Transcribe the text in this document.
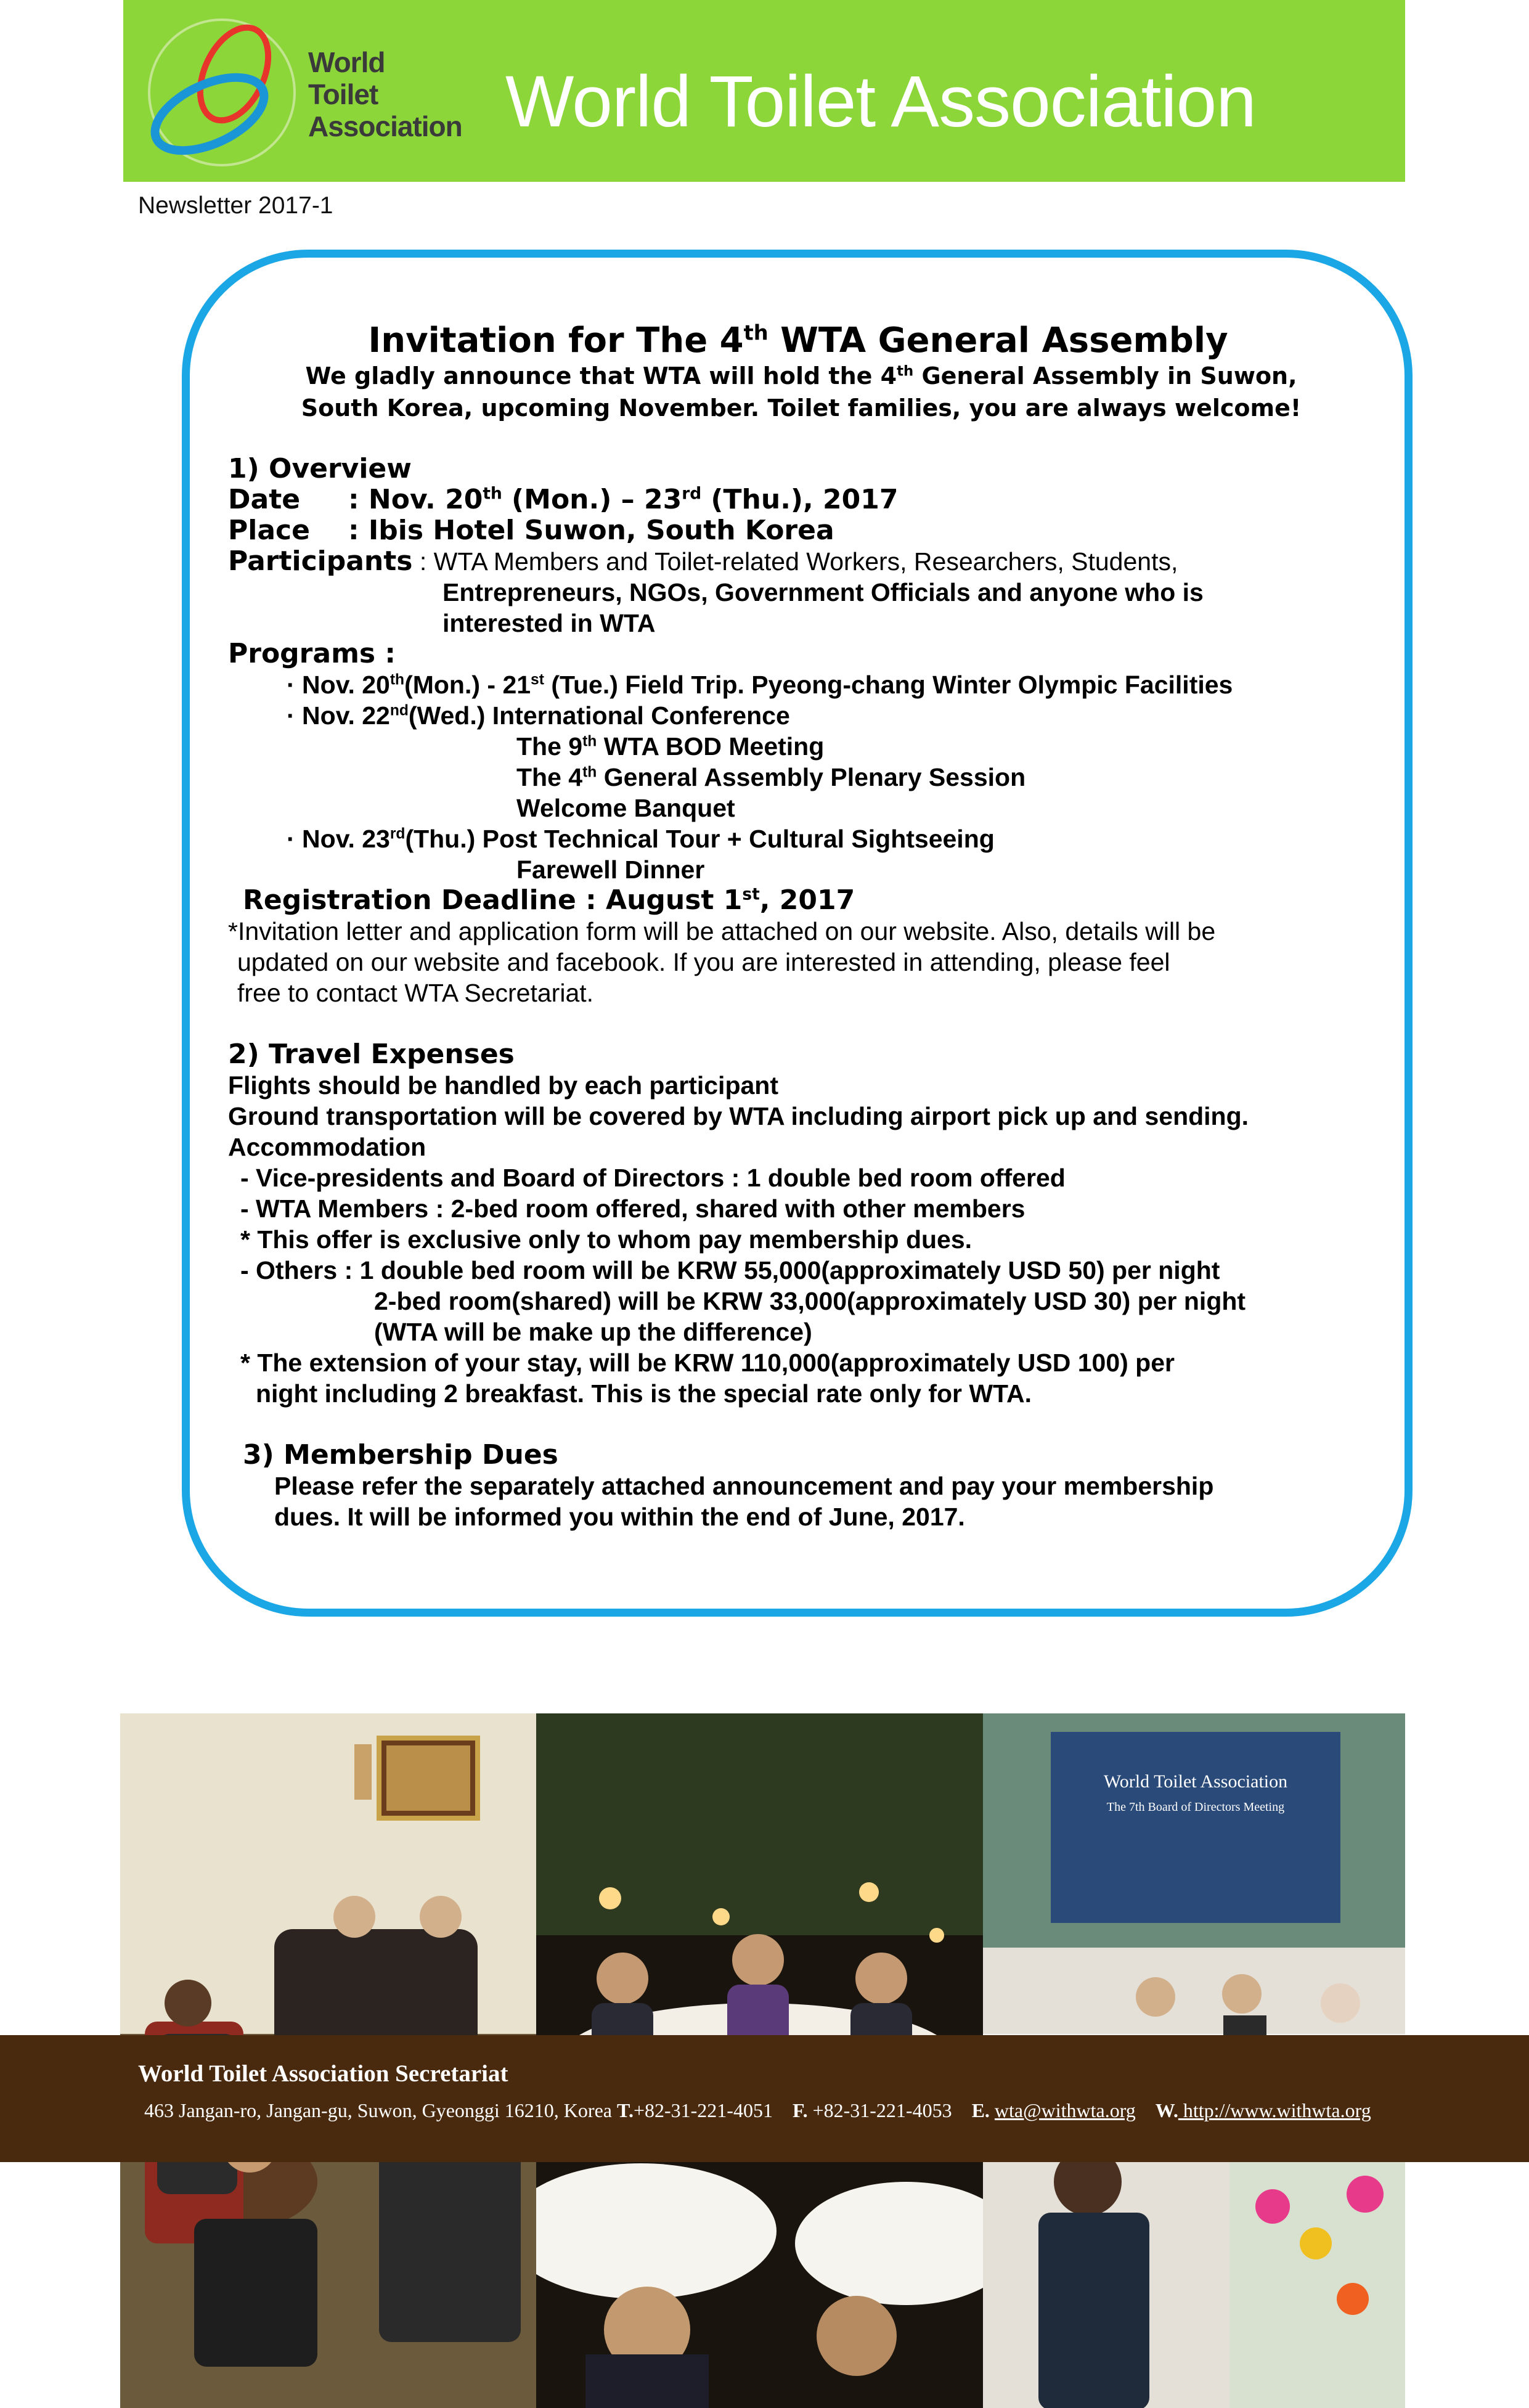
World
Toilet
Association World Toilet Association
Newsletter 2017-1
Invitation for The 4th WTA General Assembly
We gladly announce that WTA will hold the 4th General Assembly in Suwon,
South Korea, upcoming November. Toilet families, you are always welcome!
1) Overview
Date : Nov. 20th (Mon.) – 23rd (Thu.), 2017
Place : Ibis Hotel Suwon, South Korea
Participants : WTA Members and Toilet-related Workers, Researchers, Students,
Entrepreneurs, NGOs, Government Officials and anyone who is
interested in WTA
Programs :
· Nov. 20th(Mon.) - 21st (Tue.) Field Trip. Pyeong-chang Winter Olympic Facilities
· Nov. 22nd(Wed.) International Conference
The 9th WTA BOD Meeting
The 4th General Assembly Plenary Session
Welcome Banquet
· Nov. 23rd(Thu.) Post Technical Tour + Cultural Sightseeing
Farewell Dinner
Registration Deadline : August 1st, 2017
*Invitation letter and application form will be attached on our website. Also, details will be
updated on our website and facebook. If you are interested in attending, please feel
free to contact WTA Secretariat.
2) Travel Expenses
Flights should be handled by each participant
Ground transportation will be covered by WTA including airport pick up and sending.
Accommodation
- Vice-presidents and Board of Directors : 1 double bed room offered
- WTA Members : 2-bed room offered, shared with other members
* This offer is exclusive only to whom pay membership dues.
- Others : 1 double bed room will be KRW 55,000(approximately USD 50) per night
2-bed room(shared) will be KRW 33,000(approximately USD 30) per night
(WTA will be make up the difference)
* The extension of your stay, will be KRW 110,000(approximately USD 100) per
night including 2 breakfast. This is the special rate only for WTA.
3) Membership Dues
Please refer the separately attached announcement and pay your membership
dues. It will be informed you within the end of June, 2017.
World Toilet Association
The 7th Board of Directors Meeting
World Toilet Association Secretariat
463 Jangan-ro, Jangan-gu, Suwon, Gyeonggi 16210, Korea T.+82-31-221-4051 F. +82-31-221-4053 E. wta@withwta.org W. http://www.withwta.org
